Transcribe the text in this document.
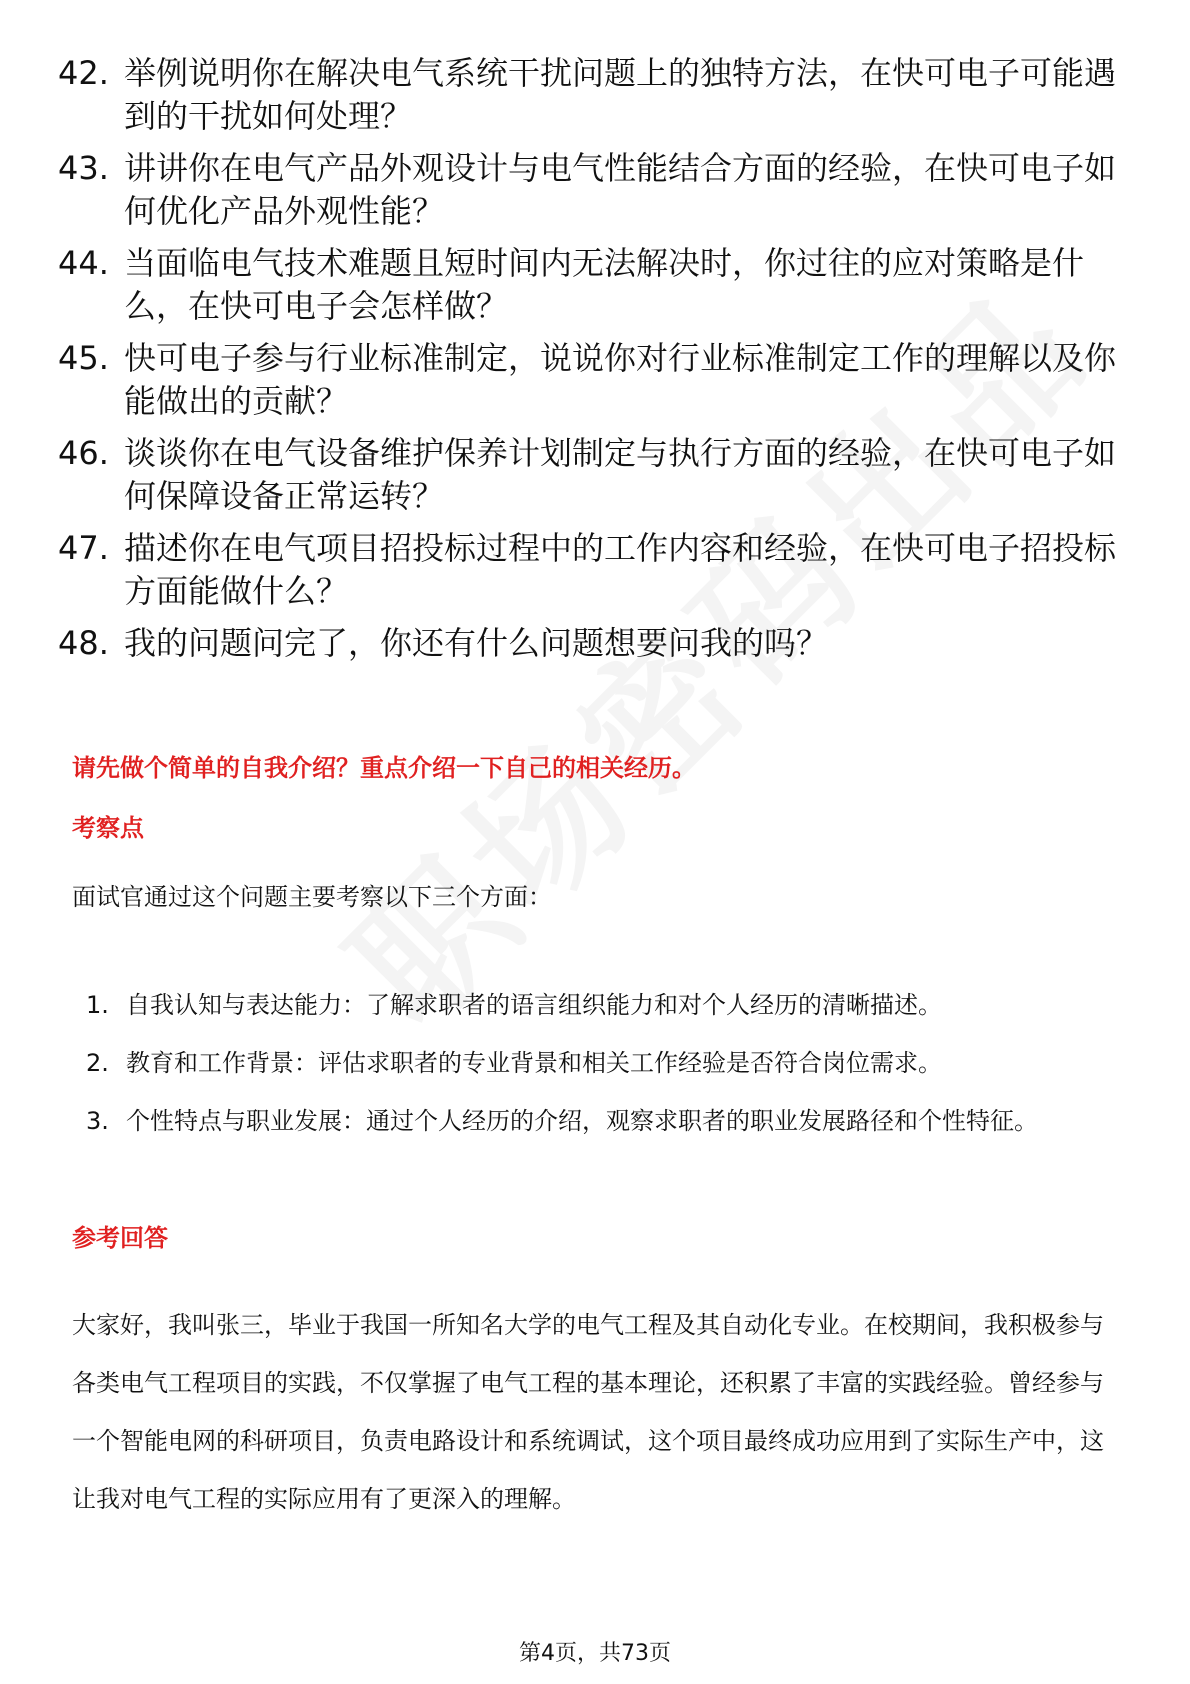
42. 举例说明你在解决电气系统干扰问题上的独特方法，在快可电子可能遇到的干扰如何处理？
43. 讲讲你在电气产品外观设计与电气性能结合方面的经验，在快可电子如何优化产品外观性能？
44. 当面临电气技术难题且短时间内无法解决时，你过往的应对策略是什么，在快可电子会怎样做？
45. 快可电子参与行业标准制定，说说你对行业标准制定工作的理解以及你能做出的贡献？
46. 谈谈你在电气设备维护保养计划制定与执行方面的经验，在快可电子如何保障设备正常运转？
47. 描述你在电气项目招投标过程中的工作内容和经验，在快可电子招投标方面能做什么？
48. 我的问题问完了，你还有什么问题想要问我的吗？
请先做个简单的自我介绍？重点介绍一下自己的相关经历。
考察点
面试官通过这个问题主要考察以下三个方面：
1. 自我认知与表达能力：了解求职者的语言组织能力和对个人经历的清晰描述。
2. 教育和工作背景：评估求职者的专业背景和相关工作经验是否符合岗位需求。
3. 个性特点与职业发展：通过个人经历的介绍，观察求职者的职业发展路径和个性特征。
参考回答
大家好，我叫张三，毕业于我国一所知名大学的电气工程及其自动化专业。在校期间，我积极参与各类电气工程项目的实践，不仅掌握了电气工程的基本理论，还积累了丰富的实践经验。曾经参与一个智能电网的科研项目，负责电路设计和系统调试，这个项目最终成功应用到了实际生产中，这让我对电气工程的实际应用有了更深入的理解。
第4页，共73页
